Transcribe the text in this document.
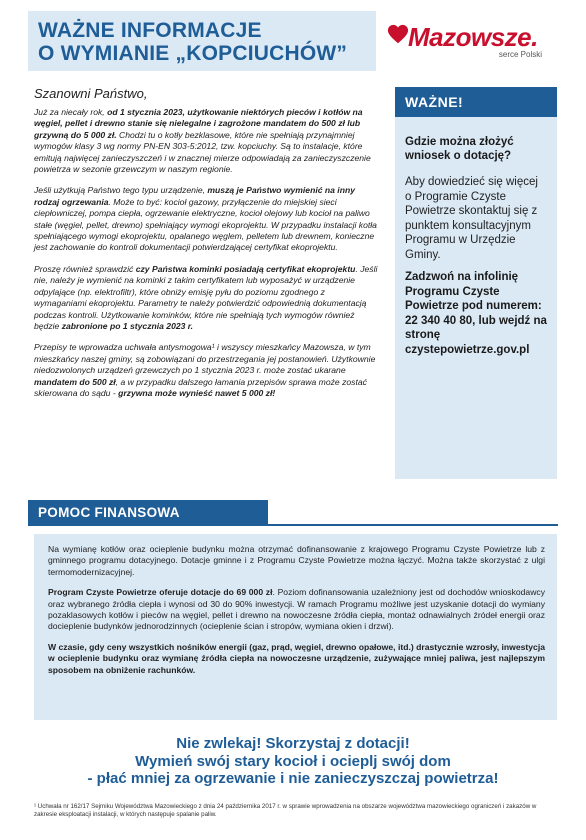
WAŻNE INFORMACJE
O WYMIANIE „KOPCIUCHÓW”
Mazowsze.
serce Polski
Szanowni Państwo,
Już za niecały rok, od 1 stycznia 2023, użytkowanie niektórych pieców i kotłów na węgiel, pellet i drewno stanie się nielegalne i zagrożone mandatem do 500 zł lub grzywną do 5 000 zł. Chodzi tu o kotły bezklasowe, które nie spełniają przynajmniej wymogów klasy 3 wg normy PN-EN 303-5:2012, tzw. kopciuchy. Są to instalacje, które emitują najwięcej zanieczyszczeń i w znacznej mierze odpowiadają za zanieczyszczenie powietrza w sezonie grzewczym w naszym regionie.
Jeśli użytkują Państwo tego typu urządzenie, muszą je Państwo wymienić na inny rodzaj ogrzewania. Może to być: kocioł gazowy, przyłączenie do miejskiej sieci ciepłowniczej, pompa ciepła, ogrzewanie elektryczne, kocioł olejowy lub kocioł na paliwo stałe (węgiel, pellet, drewno) spełniający wymogi ekoprojektu. W przypadku instalacji kotła spełniającego wymogi ekoprojektu, opalanego węglem, pelletem lub drewnem, konieczne jest zachowanie do kontroli dokumentacji potwierdzającej certyfikat ekoprojektu.
Proszę również sprawdzić czy Państwa kominki posiadają certyfikat ekoprojektu. Jeśli nie, należy je wymienić na kominki z takim certyfikatem lub wyposażyć w urządzenie odpylające (np. elektrofiltr), które obniży emisję pyłu do poziomu zgodnego z wymaganiami ekoprojektu. Parametry te należy potwierdzić odpowiednią dokumentacją podczas kontroli. Użytkowanie kominków, które nie spełniają tych wymogów również będzie zabronione po 1 stycznia 2023 r.
Przepisy te wprowadza uchwała antysmogowa¹ i wszyscy mieszkańcy Mazowsza, w tym mieszkańcy naszej gminy, są zobowiązani do przestrzegania jej postanowień. Użytkownie niedozwolonych urządzeń grzewczych po 1 stycznia 2023 r. może zostać ukarane mandatem do 500 zł, a w przypadku dalszego łamania przepisów sprawa może zostać skierowana do sądu - grzywna może wynieść nawet 5 000 zł!
WAŻNE!
Gdzie można złożyć wniosek o dotację?
Aby dowiedzieć się więcej o Programie Czyste Powietrze skontaktuj się z punktem konsultacyjnym Programu w Urzędzie Gminy.
Zadzwoń na infolinię Programu Czyste Powietrze pod numerem: 22 340 40 80, lub wejdź na stronę czystepowietrze.gov.pl
POMOC FINANSOWA
Na wymianę kotłów oraz ocieplenie budynku można otrzymać dofinansowanie z krajowego Programu Czyste Powietrze lub z gminnego programu dotacyjnego. Dotacje gminne i z Programu Czyste Powietrze można łączyć. Można także skorzystać z ulgi termomodernizacyjnej.
Program Czyste Powietrze oferuje dotacje do 69 000 zł. Poziom dofinansowania uzależniony jest od dochodów wnioskodawcy oraz wybranego źródła ciepła i wynosi od 30 do 90% inwestycji. W ramach Programu możliwe jest uzyskanie dotacji do wymiany pozaklasowych kotłów i pieców na węgiel, pellet i drewno na nowoczesne źródła ciepła, montaż odnawialnych źródeł energii oraz docieplenie budynków jednorodzinnych (ocieplenie ścian i stropów, wymiana okien i drzwi).
W czasie, gdy ceny wszystkich nośników energii (gaz, prąd, węgiel, drewno opałowe, itd.) drastycznie wzrosły, inwestycja w ocieplenie budynku oraz wymianę źródła ciepła na nowoczesne urządzenie, zużywające mniej paliwa, jest najlepszym sposobem na obniżenie rachunków.
Nie zwlekaj! Skorzystaj z dotacji!
Wymień swój stary kocioł i ocieplj swój dom
- płać mniej za ogrzewanie i nie zanieczyszczaj powietrza!
¹ Uchwała nr 162/17 Sejmiku Województwa Mazowieckiego z dnia 24 października 2017 r. w sprawie wprowadzenia na obszarze województwa mazowieckiego ograniczeń i zakazów w zakresie eksploatacji instalacji, w których następuje spalanie paliw.
